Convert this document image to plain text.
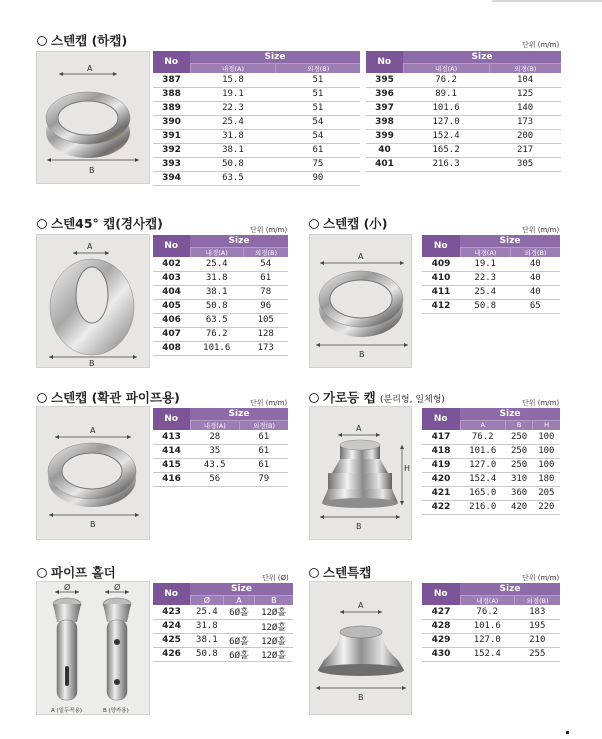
스텐캡 (하캡)	단위 (m/m)
A
B
No	Size	
	내경(A)	외경(B)
387	15.8	51
388	19.1	51
389	22.3	51
390	25.4	54
391	31.8	54
392	38.1	61
393	50.8	75
394	63.5	90
No	Size	
	내경(A)	외경(B)
395	76.2	104
396	89.1	125
397	101.6	140
398	127.0	173
399	152.4	200
40	165.2	217
401	216.3	305
스텐45° 캡(경사캡)	단위 (m/m)
A
B
No	Size	
	내경(A)	외경(B)
402	25.4	54
403	31.8	61
404	38.1	78
405	50.8	96
406	63.5	105
407	76.2	128
408	101.6	173
스텐캡 (小)	단위 (m/m)
A
B
No	Size	
	내경(A)	외경(B)
409	19.1	40
410	22.3	40
411	25.4	40
412	50.8	65
스텐캡 (확관 파이프용)	단위 (m/m)
A
B
No	Size	
	내경(A)	외경(B)
413	28	61
414	35	61
415	43.5	61
416	56	79
가로등 캡 (분리형, 일체형)	단위 (m/m)
A
H
B
No	Size		
	A	B	H
417	76.2	250	100
418	101.6	250	100
419	127.0	250	100
420	152.4	310	180
421	165.0	360	205
422	216.0	420	220
파이프 홀더	단위 (Ø)
Ø	Ø
A (일두꼭용)	B (양카용)
No	Size		
	Ø	A	B
423	25.4	6Ø홀	12Ø홀
424	31.8		12Ø홀
425	38.1	6Ø홀	12Ø홀
426	50.8	6Ø홀	12Ø홀
스텐특캡	단위 (m/m)
A
B
No	Size	
	내경(A)	외경(B)
427	76.2	183
428	101.6	195
429	127.0	210
430	152.4	255
